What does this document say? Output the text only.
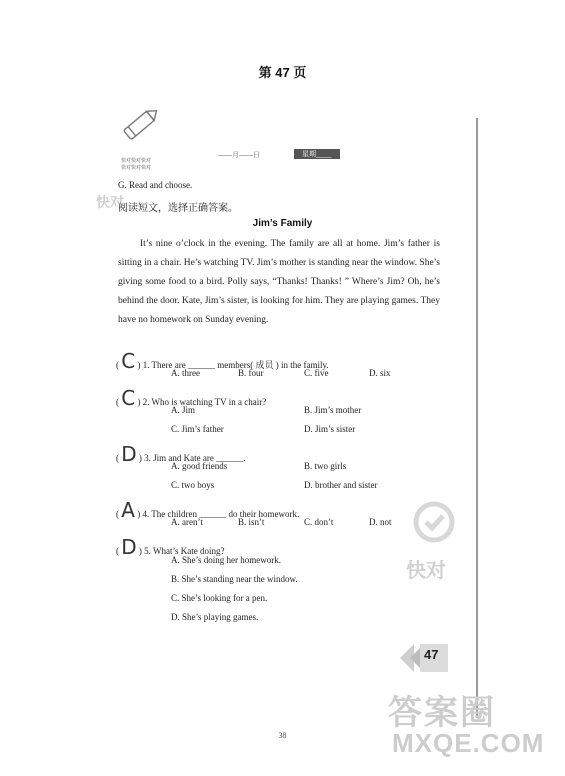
第 47 页
快对快对快对
快对快对快对
快对
——月——日	星期____
G. Read and choose.
阅读短文，选择正确答案。
Jim’s Family

It’s nine o’clock in the evening. The family are all at home. Jim’s father is sitting in a chair. He’s watching TV. Jim’s mother is standing near the window. She’s giving some food to a bird. Polly says, “Thanks! Thanks! ” Where’s Jim? Oh, he’s behind the door. Kate, Jim’s sister, is looking for him. They are playing games. They have no homework on Sunday evening.

( C ) 1. There are ______ members( 成员 ) in the family.
A. three	B. four	C. five	D. six
( C ) 2. Who is watching TV in a chair?
A. Jim	B. Jim’s mother
C. Jim’s father	D. Jim’s sister
( D ) 3. Jim and Kate are ______.
A. good friends	B. two girls
C. two boys	D. brother and sister
( A ) 4. The children ______ do their homework.
A. aren’t	B. isn’t	C. don’t	D. not
( D ) 5. What’s Kate doing?
A. She’s doing her homework.
B. She’s standing near the window.
C. She’s looking for a pen.
D. She’s playing games.
快对
47
答案圈
MXQE.COM
38
